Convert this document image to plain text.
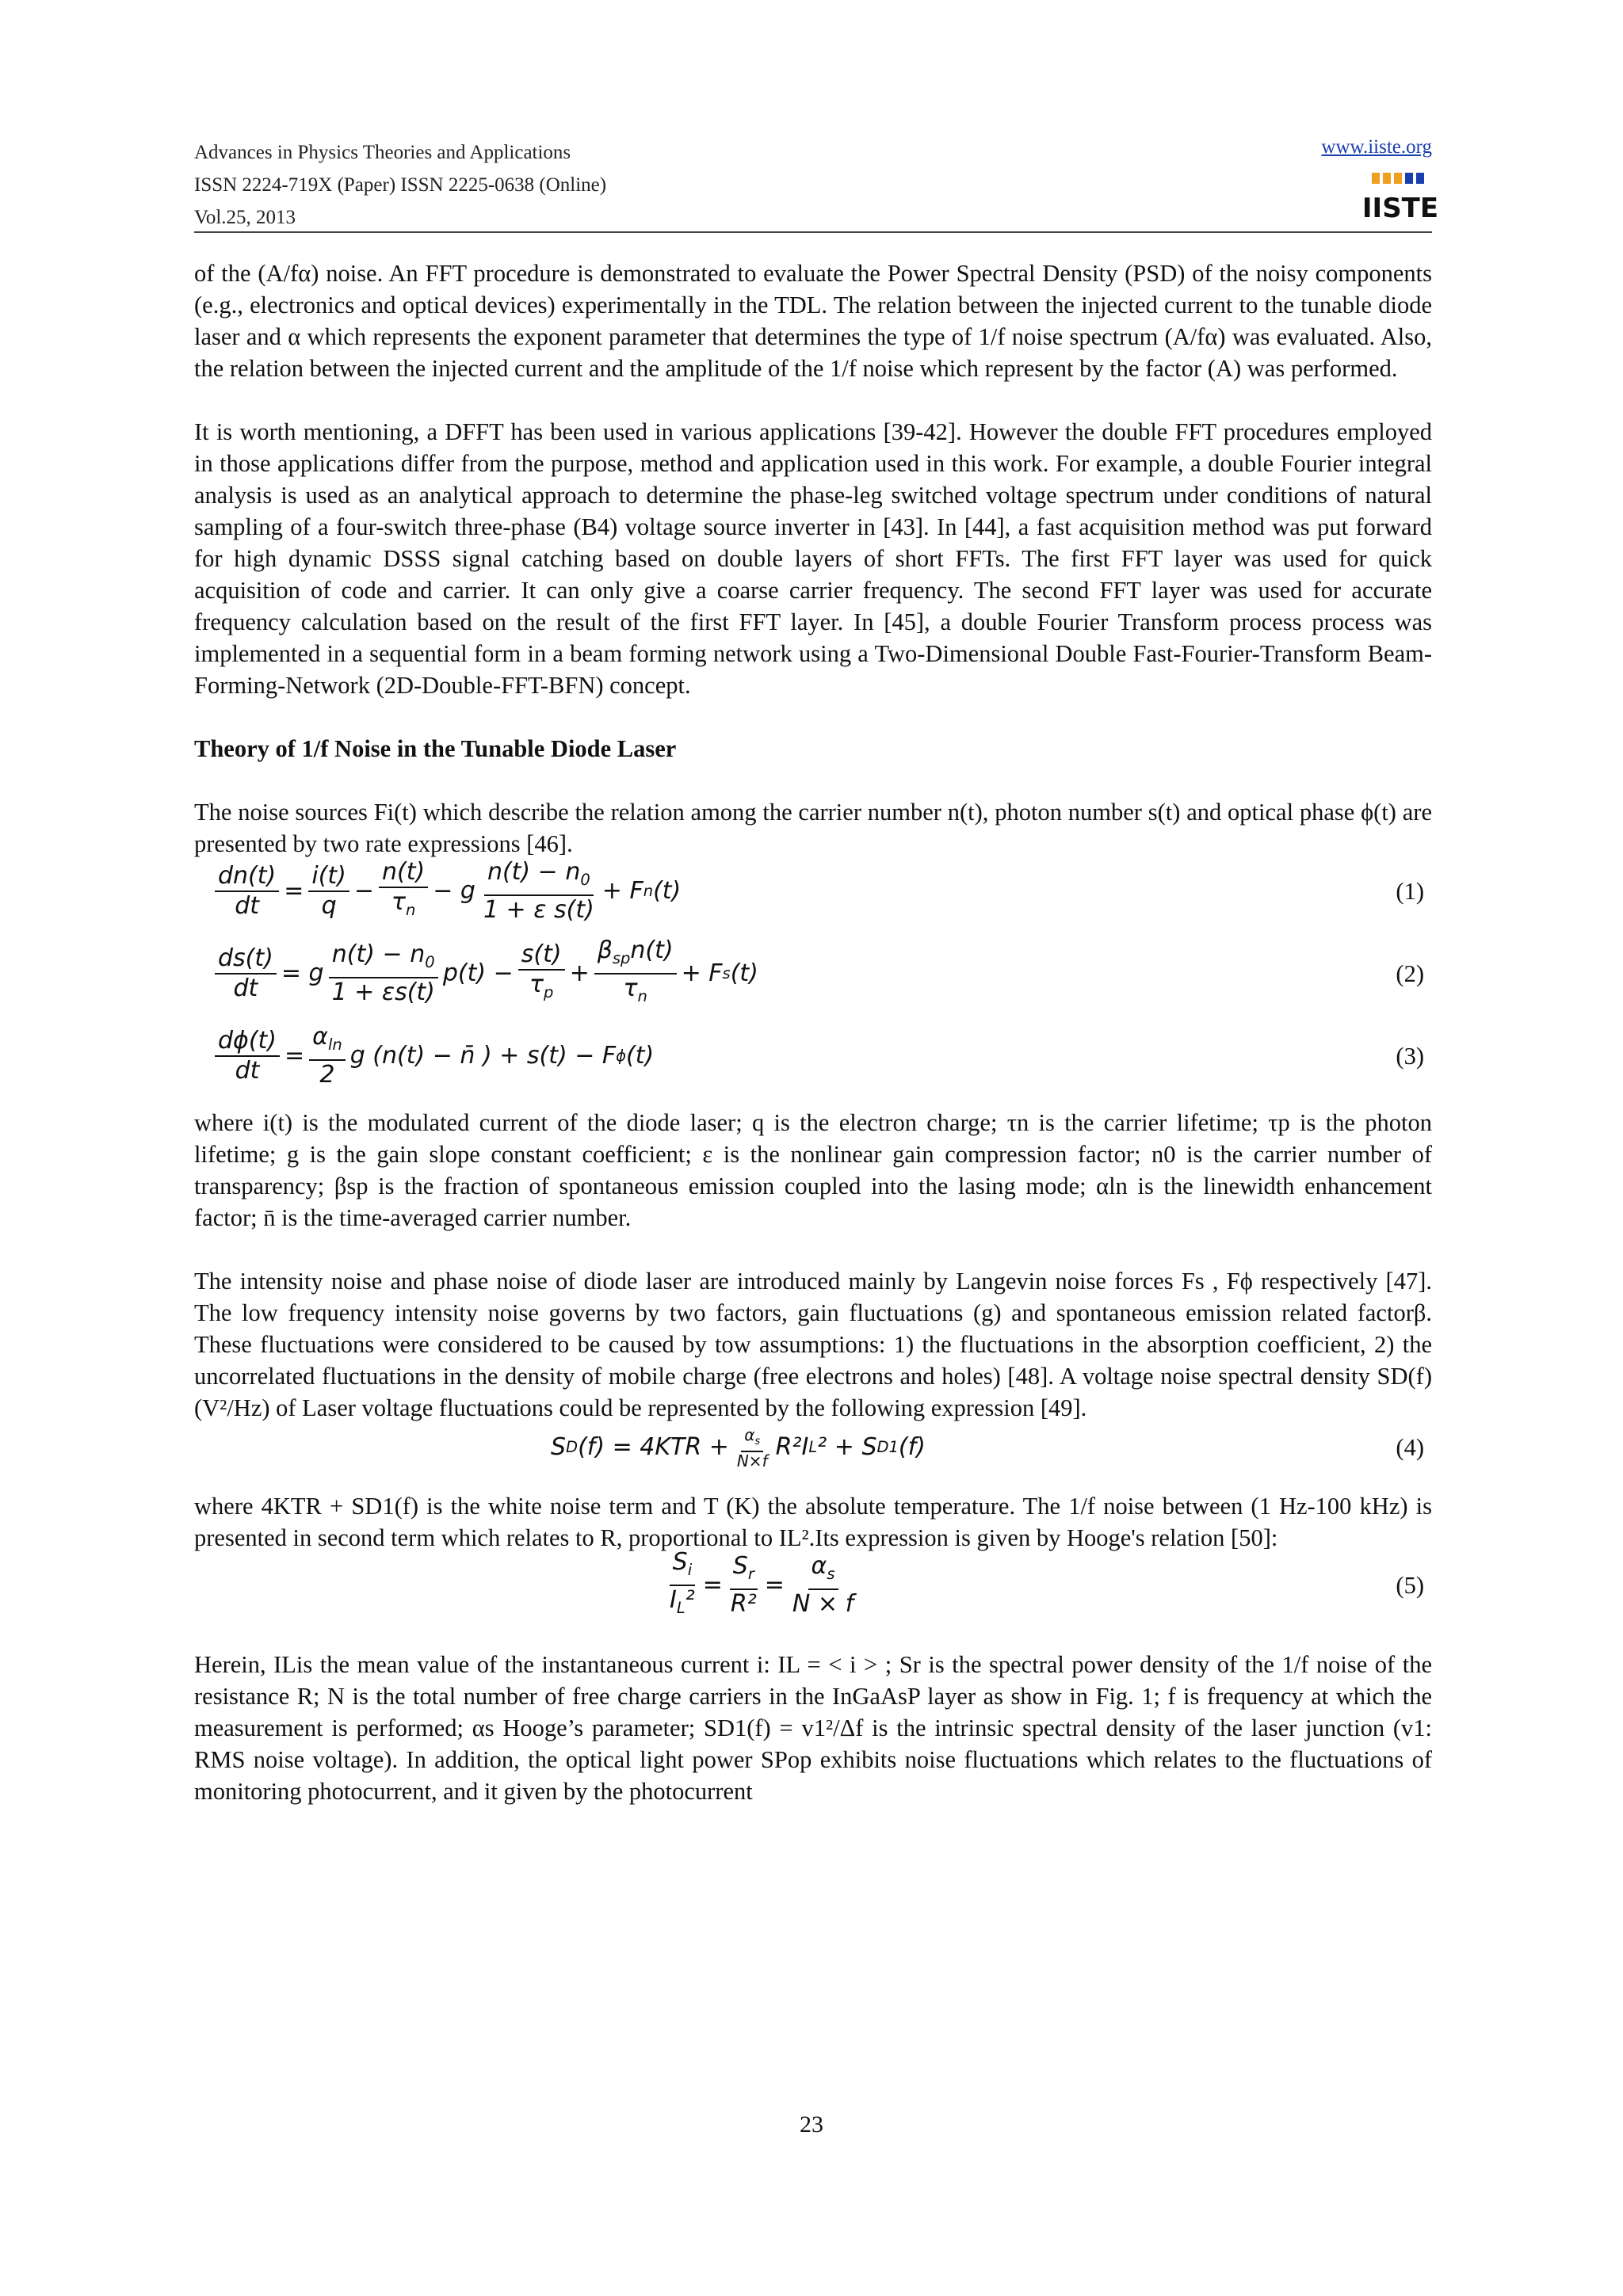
Advances in Physics Theories and Applications
ISSN 2224-719X (Paper) ISSN 2225-0638 (Online)
Vol.25, 2013
www.iiste.org
IISTE

of the (A/fα) noise. An FFT procedure is demonstrated to evaluate the Power Spectral Density (PSD) of the noisy components (e.g., electronics and optical devices) experimentally in the TDL. The relation between the injected current to the tunable diode laser and α which represents the exponent parameter that determines the type of 1/f noise spectrum (A/fα) was evaluated. Also, the relation between the injected current and the amplitude of the 1/f noise which represent by the factor (A) was performed.

It is worth mentioning, a DFFT has been used in various applications [39-42]. However the double FFT procedures employed in those applications differ from the purpose, method and application used in this work. For example, a double Fourier integral analysis is used as an analytical approach to determine the phase-leg switched voltage spectrum under conditions of natural sampling of a four-switch three-phase (B4) voltage source inverter in [43]. In [44], a fast acquisition method was put forward for high dynamic DSSS signal catching based on double layers of short FFTs. The first FFT layer was used for quick acquisition of code and carrier. It can only give a coarse carrier frequency. The second FFT layer was used for accurate frequency calculation based on the result of the first FFT layer. In [45], a double Fourier Transform process process was implemented in a sequential form in a beam forming network using a Two-Dimensional Double Fast-Fourier-Transform Beam-Forming-Network (2D-Double-FFT-BFN) concept.

Theory of 1/f Noise in the Tunable Diode Laser

The noise sources Fi(t) which describe the relation among the carrier number n(t), photon number s(t) and optical phase ϕ(t) are presented by two rate expressions [46].

$\frac{dn(t)}{dt} = \frac{i(t)}{q} - \frac{n(t)}{\tau_n} - g \frac{n(t) - n_0}{\text{1 + ε s(t)}} + F$ n (t)	(1)
$\frac{ds(t)}{dt} = g \frac{n(t) - n_0}{1 + \varepsilon s(t)} p(t) - \frac{s(t)}{\tau_p} + \frac{\beta_{sp}n(t)}{\tau_n} + F$ s (t)	(2)
$\frac{d\phi(t)}{dt} = \frac{\alpha_{ln}}{2}$ g (n(t) − n̄ ) + s(t) − F ϕ (t)	(3)

where i(t) is the modulated current of the diode laser; q is the electron charge; τn is the carrier lifetime; τp is the photon lifetime; g is the gain slope constant coefficient; ε is the nonlinear gain compression factor; n0 is the carrier number of transparency; βsp is the fraction of spontaneous emission coupled into the lasing mode; αln is the linewidth enhancement factor; n̄ is the time-averaged carrier number.

The intensity noise and phase noise of diode laser are introduced mainly by Langevin noise forces Fs , Fϕ respectively [47]. The low frequency intensity noise governs by two factors, gain fluctuations (g) and spontaneous emission related factorβ. These fluctuations were considered to be caused by tow assumptions: 1) the fluctuations in the absorption coefficient, 2) the uncorrelated fluctuations in the density of mobile charge (free electrons and holes) [48]. A voltage noise spectral density SD(f) (V²/Hz) of Laser voltage fluctuations could be represented by the following expression [49].

S D $(f) = 4KTR + \frac{\alpha_s}{N\times f} R^2I$ L ² + S D1 (f)	(4)

where 4KTR + SD1(f) is the white noise term and T (K) the absolute temperature. The 1/f noise between (1 Hz-100 kHz) is presented in second term which relates to R, proportional to IL².Its expression is given by Hooge's relation [50]:

$\frac{S_i}{I_L^2} = \frac{S_r}{\text{R²}} = \frac{\alpha_s}{N \times f}$	(5)

Herein, ILis the mean value of the instantaneous current i: IL = < i > ; Sr is the spectral power density of the 1/f noise of the resistance R; N is the total number of free charge carriers in the InGaAsP layer as show in Fig. 1; f is frequency at which the measurement is performed; αs Hooge’s parameter; SD1(f) = v1²/Δf is the intrinsic spectral density of the laser junction (v1: RMS noise voltage). In addition, the optical light power SPop exhibits noise fluctuations which relates to the fluctuations of monitoring photocurrent, and it given by the photocurrent

23
